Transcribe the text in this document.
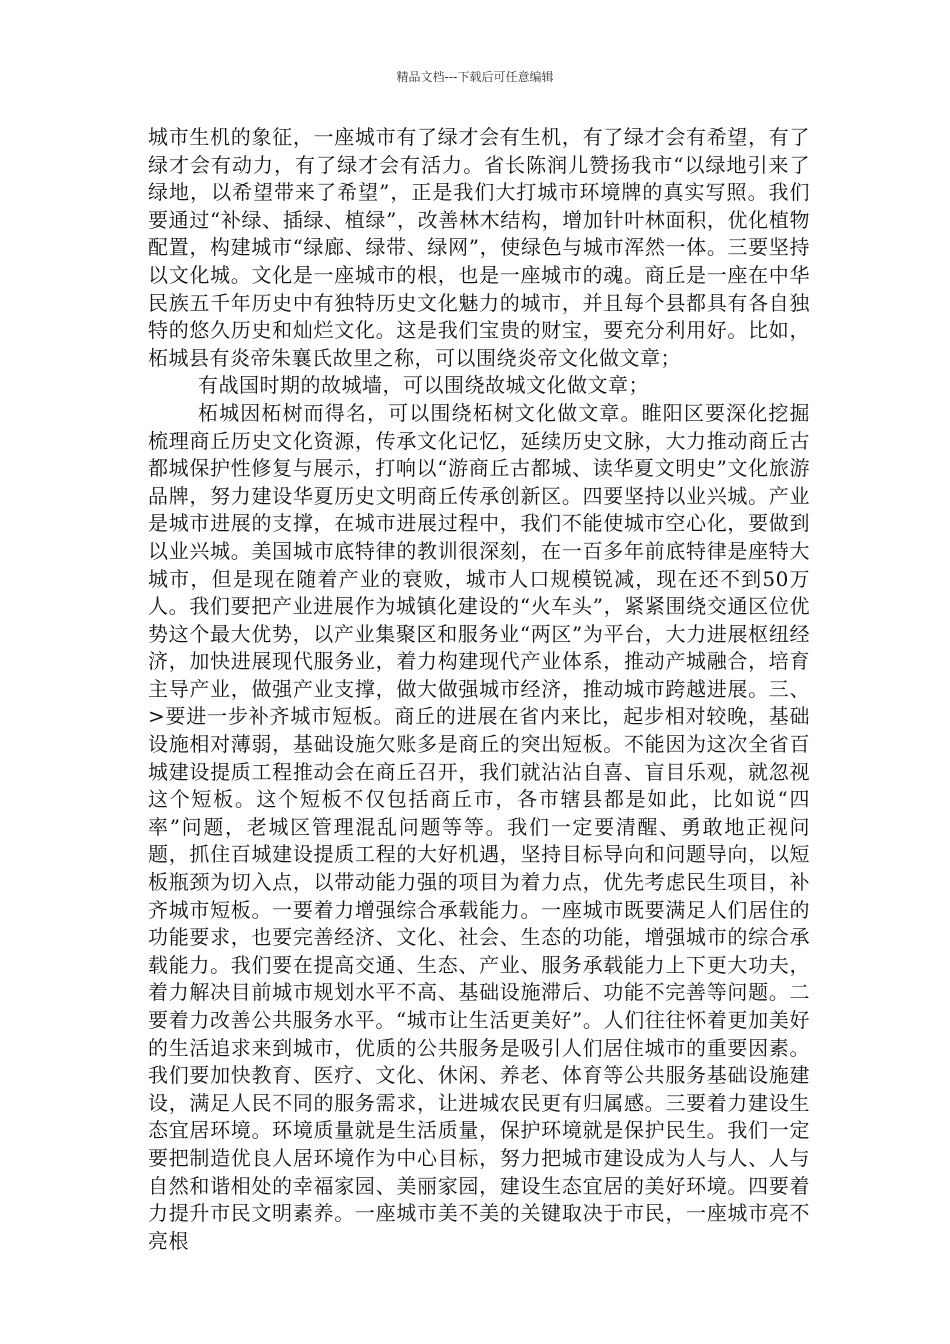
精品文档---下载后可任意编辑

城市生机的象征，一座城市有了绿才会有生机，有了绿才会有希望，有了绿才会有动力，有了绿才会有活力。省长陈润儿赞扬我市“以绿地引来了绿地，以希望带来了希望”，正是我们大打城市环境牌的真实写照。我们要通过“补绿、插绿、植绿”，改善林木结构，增加针叶林面积，优化植物配置，构建城市“绿廊、绿带、绿网”，使绿色与城市浑然一体。三要坚持以文化城。文化是一座城市的根，也是一座城市的魂。商丘是一座在中华民族五千年历史中有独特历史文化魅力的城市，并且每个县都具有各自独特的悠久历史和灿烂文化。这是我们宝贵的财宝，要充分利用好。比如，柘城县有炎帝朱襄氏故里之称，可以围绕炎帝文化做文章；

有战国时期的故城墙，可以围绕故城文化做文章；

柘城因柘树而得名，可以围绕柘树文化做文章。睢阳区要深化挖掘梳理商丘历史文化资源，传承文化记忆，延续历史文脉，大力推动商丘古都城保护性修复与展示，打响以“游商丘古都城、读华夏文明史”文化旅游品牌，努力建设华夏历史文明商丘传承创新区。四要坚持以业兴城。产业是城市进展的支撑，在城市进展过程中，我们不能使城市空心化，要做到以业兴城。美国城市底特律的教训很深刻，在一百多年前底特律是座特大城市，但是现在随着产业的衰败，城市人口规模锐减，现在还不到50万人。我们要把产业进展作为城镇化建设的“火车头”，紧紧围绕交通区位优势这个最大优势，以产业集聚区和服务业“两区”为平台，大力进展枢纽经济，加快进展现代服务业，着力构建现代产业体系，推动产城融合，培育主导产业，做强产业支撑，做大做强城市经济，推动城市跨越进展。三、>要进一步补齐城市短板。商丘的进展在省内来比，起步相对较晚，基础设施相对薄弱，基础设施欠账多是商丘的突出短板。不能因为这次全省百城建设提质工程推动会在商丘召开，我们就沾沾自喜、盲目乐观，就忽视这个短板。这个短板不仅包括商丘市，各市辖县都是如此，比如说“四率”问题，老城区管理混乱问题等等。我们一定要清醒、勇敢地正视问题，抓住百城建设提质工程的大好机遇，坚持目标导向和问题导向，以短板瓶颈为切入点，以带动能力强的项目为着力点，优先考虑民生项目，补齐城市短板。一要着力增强综合承载能力。一座城市既要满足人们居住的功能要求，也要完善经济、文化、社会、生态的功能，增强城市的综合承载能力。我们要在提高交通、生态、产业、服务承载能力上下更大功夫，着力解决目前城市规划水平不高、基础设施滞后、功能不完善等问题。二要着力改善公共服务水平。“城市让生活更美好”。人们往往怀着更加美好的生活追求来到城市，优质的公共服务是吸引人们居住城市的重要因素。我们要加快教育、医疗、文化、休闲、养老、体育等公共服务基础设施建设，满足人民不同的服务需求，让进城农民更有归属感。三要着力建设生态宜居环境。环境质量就是生活质量，保护环境就是保护民生。我们一定要把制造优良人居环境作为中心目标，努力把城市建设成为人与人、人与自然和谐相处的幸福家园、美丽家园，建设生态宜居的美好环境。四要着力提升市民文明素养。一座城市美不美的关键取决于市民，一座城市亮不亮根
